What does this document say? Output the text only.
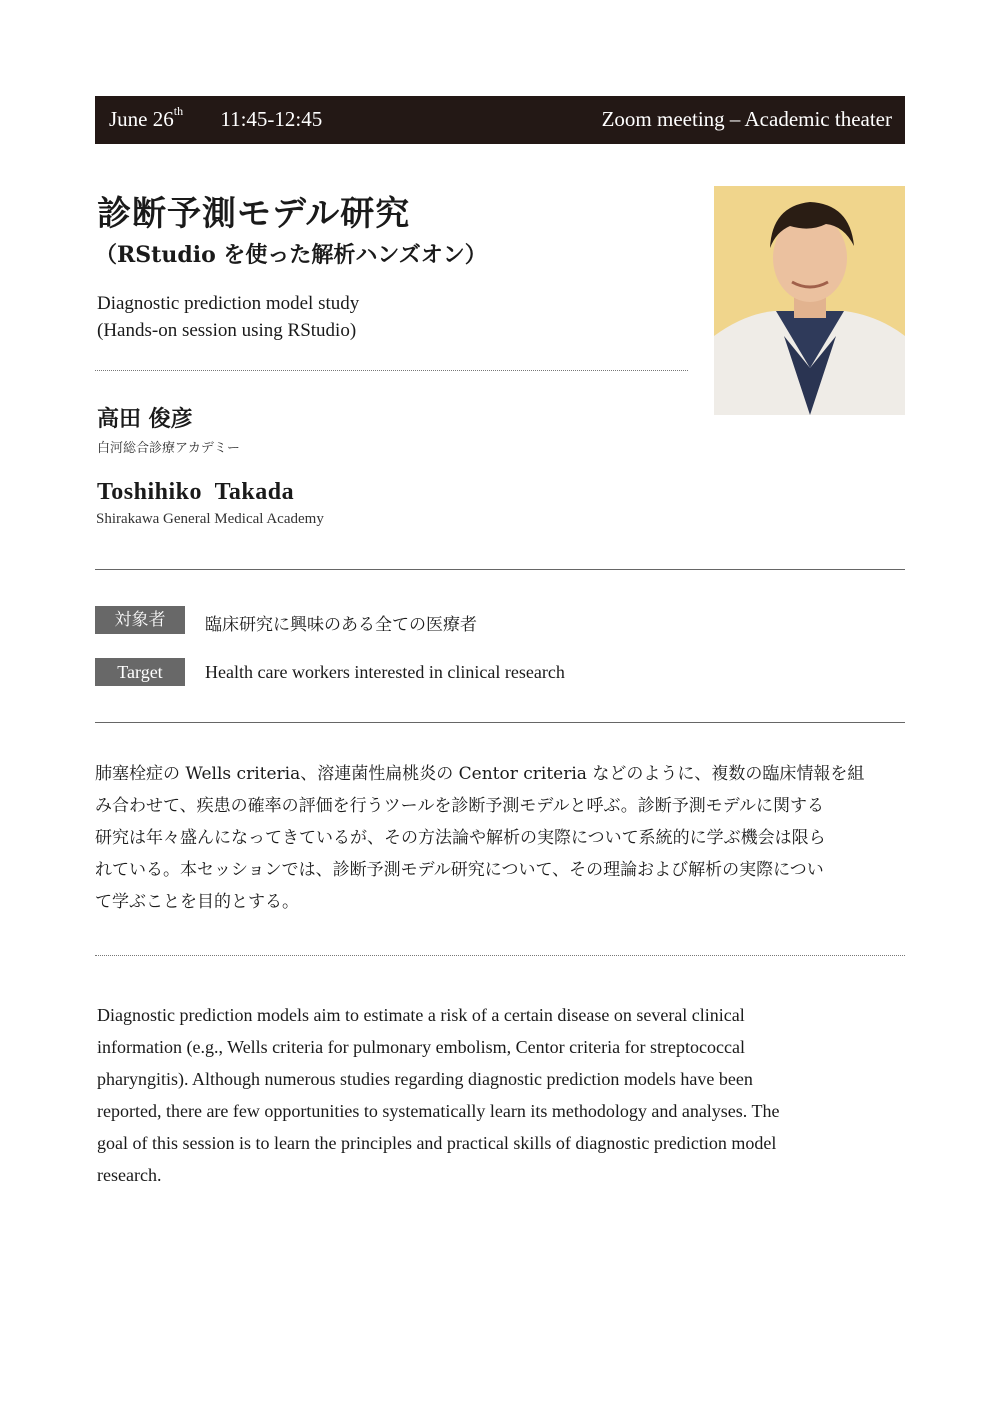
June 26th 11:45-12:45	Zoom meeting – Academic theater
診断予測モデル研究
（RStudio を使った解析ハンズオン）
Diagnostic prediction model study
(Hands-on session using RStudio)
高田 俊彦
白河総合診療アカデミー
Toshihiko  Takada
Shirakawa General Medical Academy
対象者	臨床研究に興味のある全ての医療者
Target	Health care workers interested in clinical research
肺塞栓症の Wells criteria、溶連菌性扁桃炎の Centor criteria などのように、複数の臨床情報を組
み合わせて、疾患の確率の評価を行うツールを診断予測モデルと呼ぶ。診断予測モデルに関する
研究は年々盛んになってきているが、その方法論や解析の実際について系統的に学ぶ機会は限ら
れている。本セッションでは、診断予測モデル研究について、その理論および解析の実際につい
て学ぶことを目的とする。
Diagnostic prediction models aim to estimate a risk of a certain disease on several clinical
information (e.g., Wells criteria for pulmonary embolism, Centor criteria for streptococcal
pharyngitis). Although numerous studies regarding diagnostic prediction models have been
reported, there are few opportunities to systematically learn its methodology and analyses. The
goal of this session is to learn the principles and practical skills of diagnostic prediction model
research.
